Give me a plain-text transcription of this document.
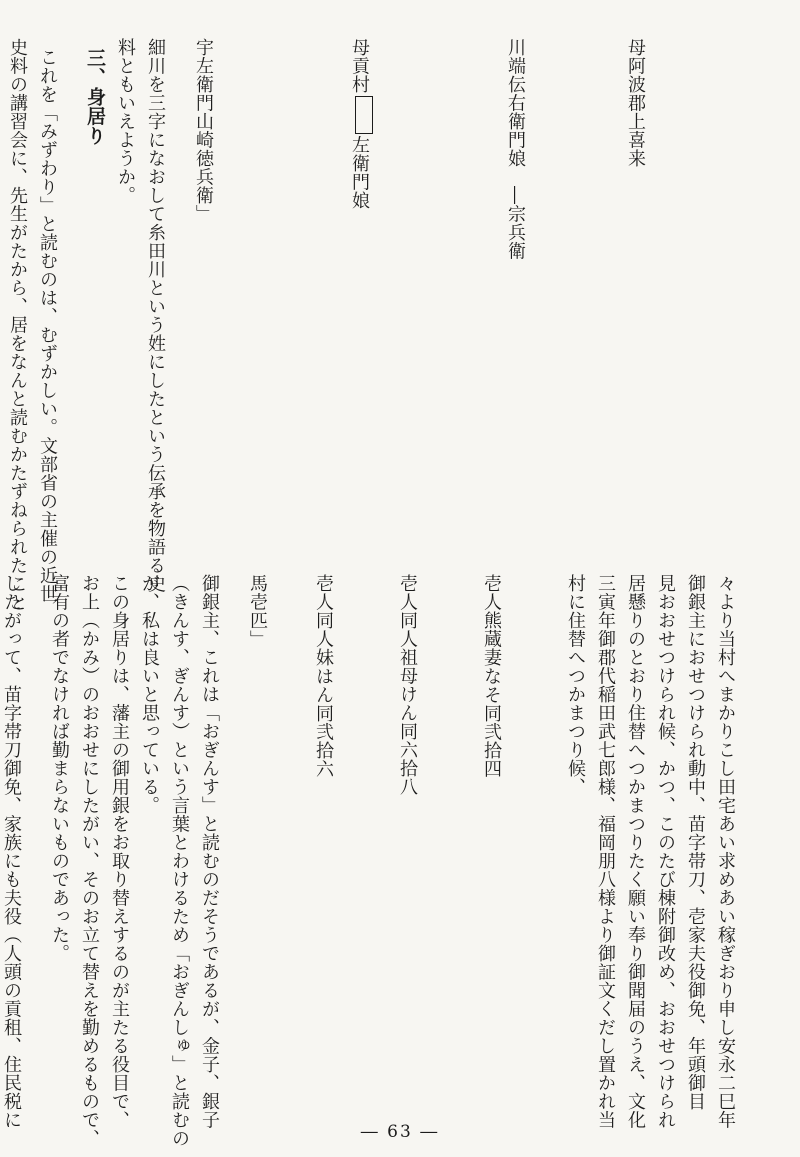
母阿波郡上喜来
川端伝右衛門娘　―宗兵衛
母貢村左衛門娘
宇左衛門山崎徳兵衛」
細川を三字になおして糸田川という姓にしたという伝承を物語る史
料ともいえようか。
三、身居り
これを「みずわり」と読むのは、むずかしい。文部省の主催の近世
史料の講習会に、先生がたから、居をなんと読むかたずねられたこと
々より当村へまかりこし田宅あい求めあい稼ぎおり申し安永二巳年
御銀主におせつけられ動中、苗字帯刀、壱家夫役御免、年頭御目
見おおせつけられ候、かつ、このたび棟附御改め、おおせつけられ
居懸りのとおり住替へつかまつりたく願い奉り御聞届のうえ、文化
三寅年御郡代稲田武七郎様、福岡朋八様より御証文くだし置かれ当
村に住替へつかまつり候、
壱人熊蔵妻なそ同弐拾四
壱人同人祖母けん同六拾八
壱人同人妹はん同弐拾六
馬壱匹」
御銀主、これは「おぎんす」と読むのだそうであるが、金子、銀子
（きんす、ぎんす）という言葉とわけるため「おぎんしゅ」と読むの
が、私は良いと思っている。
この身居りは、藩主の御用銀をお取り替えするのが主たる役目で、
お上（かみ）のおおせにしたがい、そのお立て替えを勤めるもので、
富有の者でなければ勤まらないものであった。
したがって、苗字帯刀御免、家族にも夫役（人頭の貢租、住民税に
― 63 ―
